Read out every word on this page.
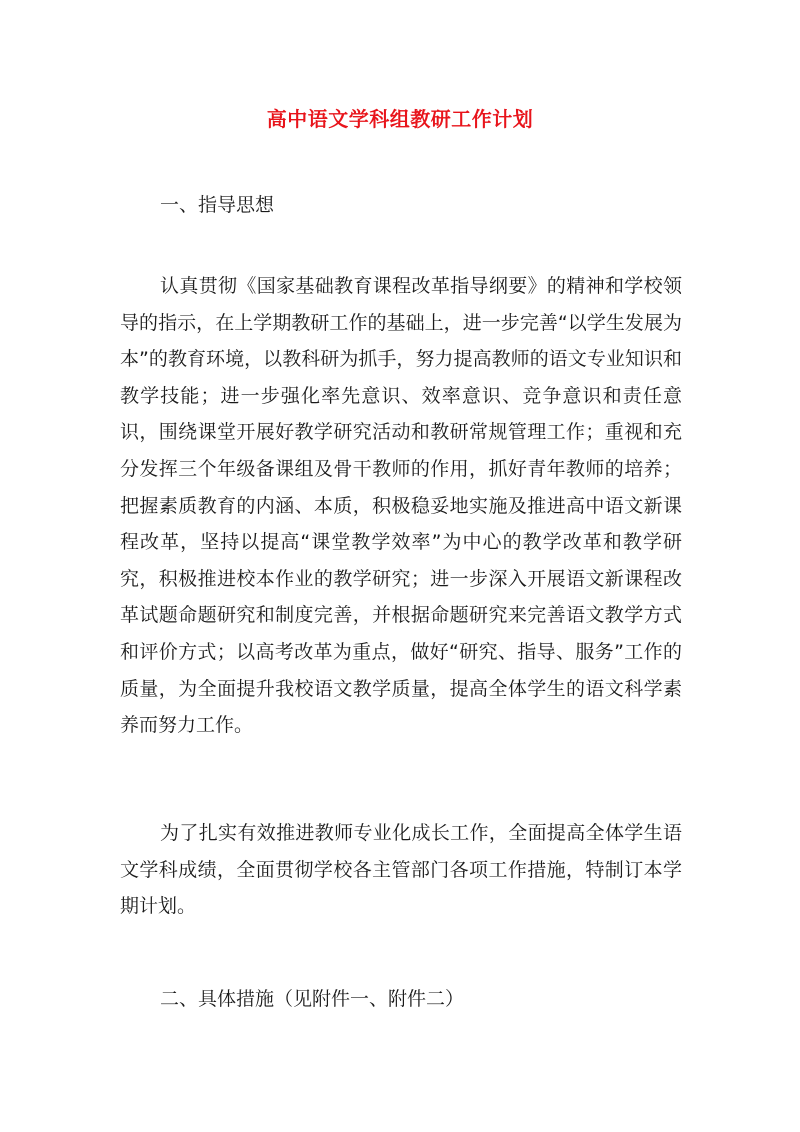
高中语文学科组教研工作计划
一、指导思想

认真贯彻《国家基础教育课程改革指导纲要》的精神和学校领导的指示，在上学期教研工作的基础上，进一步完善“以学生发展为本”的教育环境，以教科研为抓手，努力提高教师的语文专业知识和教学技能；进一步强化率先意识、效率意识、竞争意识和责任意识，围绕课堂开展好教学研究活动和教研常规管理工作；重视和充分发挥三个年级备课组及骨干教师的作用，抓好青年教师的培养；把握素质教育的内涵、本质，积极稳妥地实施及推进高中语文新课程改革，坚持以提高“课堂教学效率”为中心的教学改革和教学研究，积极推进校本作业的教学研究；进一步深入开展语文新课程改革试题命题研究和制度完善，并根据命题研究来完善语文教学方式和评价方式；以高考改革为重点，做好“研究、指导、服务”工作的质量，为全面提升我校语文教学质量，提高全体学生的语文科学素养而努力工作。

为了扎实有效推进教师专业化成长工作，全面提高全体学生语文学科成绩，全面贯彻学校各主管部门各项工作措施，特制订本学期计划。

二、具体措施（见附件一、附件二）
